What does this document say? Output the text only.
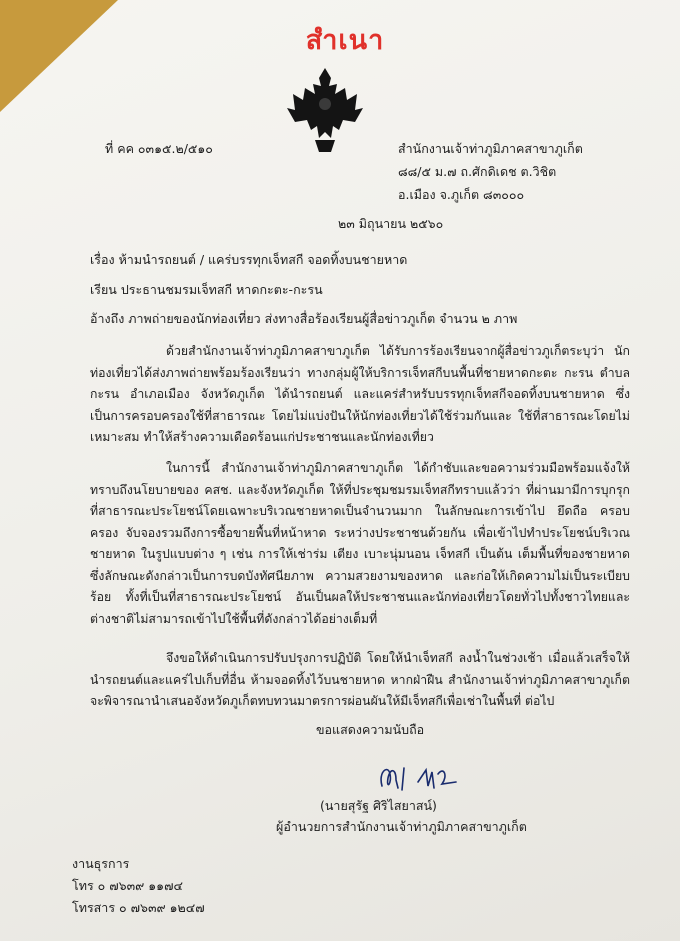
สำเนา
ที่ คค ๐๓๑๕.๒/๕๑๐	สำนักงานเจ้าท่าภูมิภาคสาขาภูเก็ต
๘๘/๕ ม.๗ ถ.ศักดิเดช ต.วิชิต
อ.เมือง จ.ภูเก็ต ๘๓๐๐๐
๒๓ มิถุนายน ๒๕๖๐
เรื่อง ห้ามนำรถยนต์ / แคร่บรรทุกเจ็ทสกี จอดทิ้งบนชายหาด
เรียน ประธานชมรมเจ็ทสกี หาดกะตะ-กะรน
อ้างถึง ภาพถ่ายของนักท่องเที่ยว ส่งทางสื่อร้องเรียนผู้สื่อข่าวภูเก็ต จำนวน ๒ ภาพ
ด้วยสำนักงานเจ้าท่าภูมิภาคสาขาภูเก็ต ได้รับการร้องเรียนจากผู้สื่อข่าวภูเก็ตระบุว่า นักท่องเที่ยวได้ส่งภาพถ่ายพร้อมร้องเรียนว่า ทางกลุ่มผู้ให้บริการเจ็ทสกีบนพื้นที่ชายหาดกะตะ กะรน ตำบลกะรน อำเภอเมือง จังหวัดภูเก็ต ได้นำรถยนต์ และแคร่สำหรับบรรทุกเจ็ทสกีจอดทิ้งบนชายหาด ซึ่งเป็นการครอบครองใช้ที่สาธารณะ โดยไม่แบ่งปันให้นักท่องเที่ยวได้ใช้ร่วมกันและ ใช้ที่สาธารณะโดยไม่เหมาะสม ทำให้สร้างความเดือดร้อนแก่ประชาชนและนักท่องเที่ยว
ในการนี้ สำนักงานเจ้าท่าภูมิภาคสาขาภูเก็ต ได้กำชับและขอความร่วมมือพร้อมแจ้งให้ทราบถึงนโยบายของ คสช. และจังหวัดภูเก็ต ให้ที่ประชุมชมรมเจ็ทสกีทราบแล้วว่า ที่ผ่านมามีการบุกรุกที่สาธารณะประโยชน์โดยเฉพาะบริเวณชายหาดเป็นจำนวนมาก ในลักษณะการเข้าไป ยึดถือ ครอบครอง จับจองรวมถึงการซื้อขายพื้นที่หน้าหาด ระหว่างประชาชนด้วยกัน เพื่อเข้าไปทำประโยชน์บริเวณชายหาด ในรูปแบบต่าง ๆ เช่น การให้เช่าร่ม เตียง เบาะนุ่มนอน เจ็ทสกี เป็นต้น เต็มพื้นที่ของชายหาด ซึ่งลักษณะดังกล่าวเป็นการบดบังทัศนียภาพ ความสวยงามของหาด และก่อให้เกิดความไม่เป็นระเบียบร้อย ทั้งที่เป็นที่สาธารณะประโยชน์ อันเป็นผลให้ประชาชนและนักท่องเที่ยวโดยทั่วไปทั้งชาวไทยและต่างชาติไม่สามารถเข้าไปใช้พื้นที่ดังกล่าวได้อย่างเต็มที่
จึงขอให้ดำเนินการปรับปรุงการปฏิบัติ โดยให้นำเจ็ทสกี ลงน้ำในช่วงเช้า เมื่อแล้วเสร็จให้นำรถยนต์และแคร่ไปเก็บที่อื่น ห้ามจอดทิ้งไว้บนชายหาด หากฝ่าฝืน สำนักงานเจ้าท่าภูมิภาคสาขาภูเก็ตจะพิจารณานำเสนอจังหวัดภูเก็ตทบทวนมาตรการผ่อนผันให้มีเจ็ทสกีเพื่อเช่าในพื้นที่ ต่อไป
ขอแสดงความนับถือ
(นายสุรัฐ ศิริไสยาสน์)
ผู้อำนวยการสำนักงานเจ้าท่าภูมิภาคสาขาภูเก็ต
งานธุรการ
โทร ๐ ๗๖๓๙ ๑๑๗๔
โทรสาร ๐ ๗๖๓๙ ๑๒๔๗
